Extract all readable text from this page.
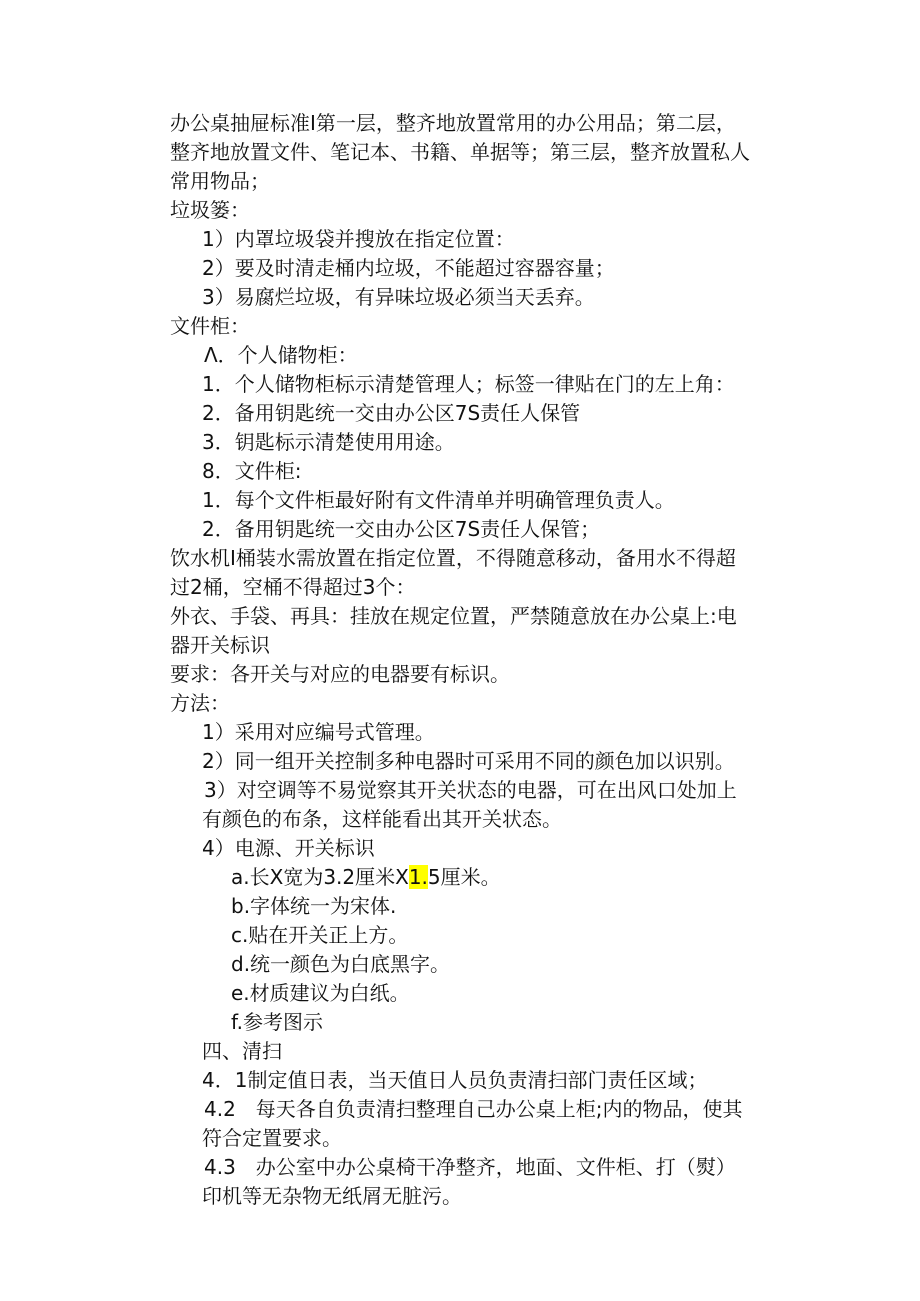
办公桌抽屉标准I第一层，整齐地放置常用的办公用品；第二层，
整齐地放置文件、笔记本、书籍、单据等；第三层，整齐放置私人
常用物品；
垃圾篓：
1）内罩垃圾袋并搜放在指定位置：
2）要及时清走桶内垃圾，不能超过容器容量；
3）易腐烂垃圾，有异味垃圾必须当天丢弃。
文件柜：
Λ．个人储物柜：
1．个人储物柜标示清楚管理人；标签一律贴在门的左上角：
2．备用钥匙统一交由办公区7S责任人保管
3．钥匙标示清楚使用用途。
8．文件柜:
1．每个文件柜最好附有文件清单并明确管理负责人。
2．备用钥匙统一交由办公区7S责任人保管；
饮水机I桶装水需放置在指定位置，不得随意移动，备用水不得超
过2桶，空桶不得超过3个：
外衣、手袋、再具：挂放在规定位置，严禁随意放在办公桌上:电
器开关标识
要求：各开关与对应的电器要有标识。
方法：
1）采用对应编号式管理。
2）同一组开关控制多种电器时可采用不同的颜色加以识别。
3）对空调等不易觉察其开关状态的电器，可在出风口处加上
有颜色的布条，这样能看出其开关状态。
4）电源、开关标识
a.长X宽为3.2厘米X1.5厘米。
b.字体统一为宋体.
c.贴在开关正上方。
d.统一颜色为白底黑字。
e.材质建议为白纸。
f.参考图示
四、清扫
4．1制定值日表，当天值日人员负责清扫部门责任区域；
4.2　每天各自负责清扫整理自己办公桌上柜;内的物品，使其
符合定置要求。
4.3　办公室中办公桌椅干净整齐，地面、文件柜、打（熨）
印机等无杂物无纸屑无脏污。
